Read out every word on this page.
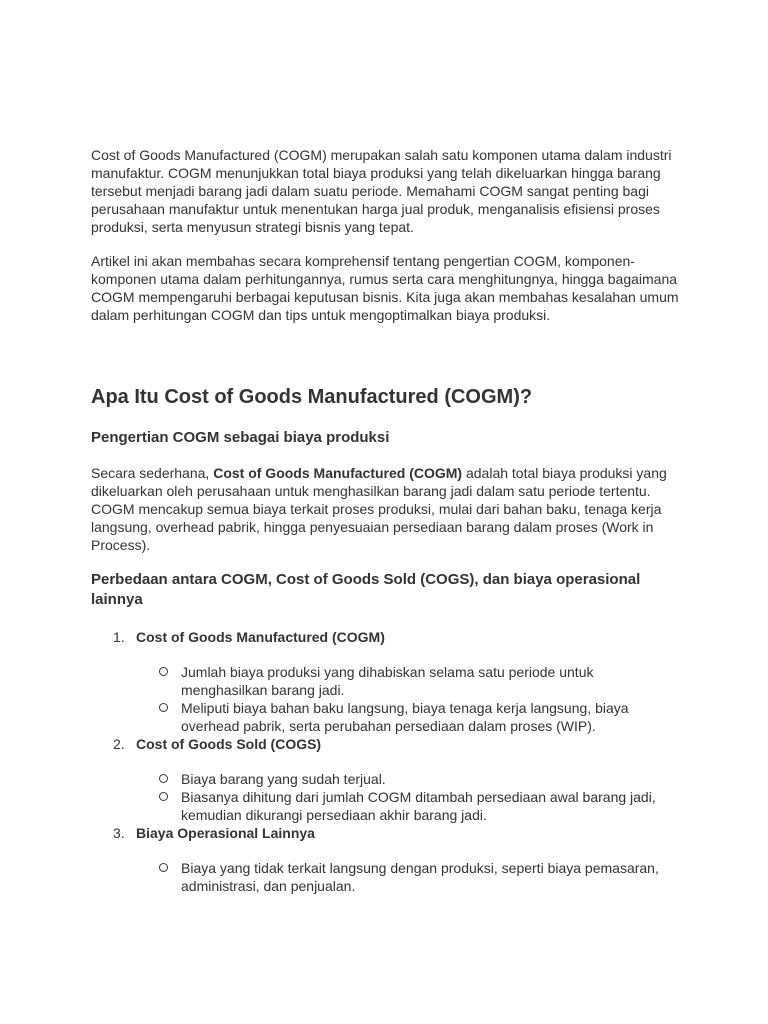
Cost of Goods Manufactured (COGM) merupakan salah satu komponen utama dalam industri manufaktur. COGM menunjukkan total biaya produksi yang telah dikeluarkan hingga barang tersebut menjadi barang jadi dalam suatu periode. Memahami COGM sangat penting bagi perusahaan manufaktur untuk menentukan harga jual produk, menganalisis efisiensi proses produksi, serta menyusun strategi bisnis yang tepat.

Artikel ini akan membahas secara komprehensif tentang pengertian COGM, komponen-komponen utama dalam perhitungannya, rumus serta cara menghitungnya, hingga bagaimana COGM mempengaruhi berbagai keputusan bisnis. Kita juga akan membahas kesalahan umum dalam perhitungan COGM dan tips untuk mengoptimalkan biaya produksi.

Apa Itu Cost of Goods Manufactured (COGM)?
Pengertian COGM sebagai biaya produksi

Secara sederhana, Cost of Goods Manufactured (COGM) adalah total biaya produksi yang dikeluarkan oleh perusahaan untuk menghasilkan barang jadi dalam satu periode tertentu. COGM mencakup semua biaya terkait proses produksi, mulai dari bahan baku, tenaga kerja langsung, overhead pabrik, hingga penyesuaian persediaan barang dalam proses (Work in Process).

Perbedaan antara COGM, Cost of Goods Sold (COGS), dan biaya operasional lainnya
1. Cost of Goods Manufactured (COGM)
Jumlah biaya produksi yang dihabiskan selama satu periode untuk menghasilkan barang jadi.
Meliputi biaya bahan baku langsung, biaya tenaga kerja langsung, biaya overhead pabrik, serta perubahan persediaan dalam proses (WIP).
2. Cost of Goods Sold (COGS)
Biaya barang yang sudah terjual.
Biasanya dihitung dari jumlah COGM ditambah persediaan awal barang jadi, kemudian dikurangi persediaan akhir barang jadi.
3. Biaya Operasional Lainnya
Biaya yang tidak terkait langsung dengan produksi, seperti biaya pemasaran, administrasi, dan penjualan.
